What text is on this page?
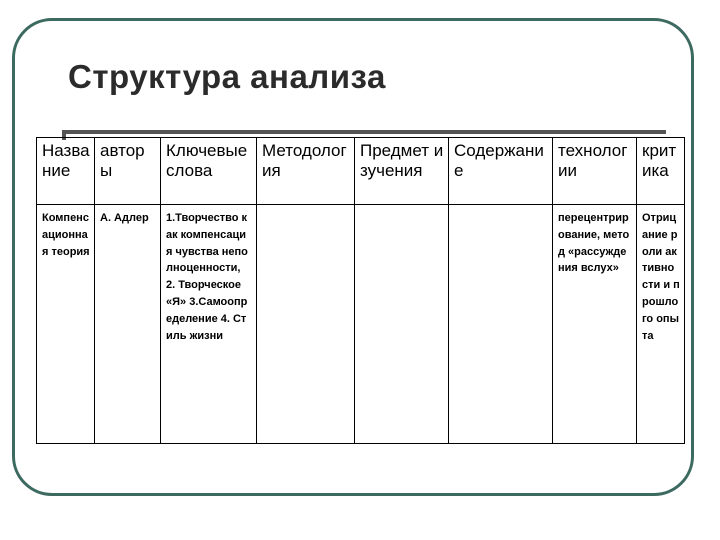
Структура анализа
Название	авторы	Ключевые слова	Методология	Предмет изучения	Содержание	технологии	критика
Компенсационная теория	А. Адлер	1.Творчество как компенсация чувства неполноценности, 2. Творческое «Я» 3.Самоопределение 4. Стиль жизни				перецентрирование, метод «рассуждения вслух»	Отрицание роли активности и прошлого опыта
